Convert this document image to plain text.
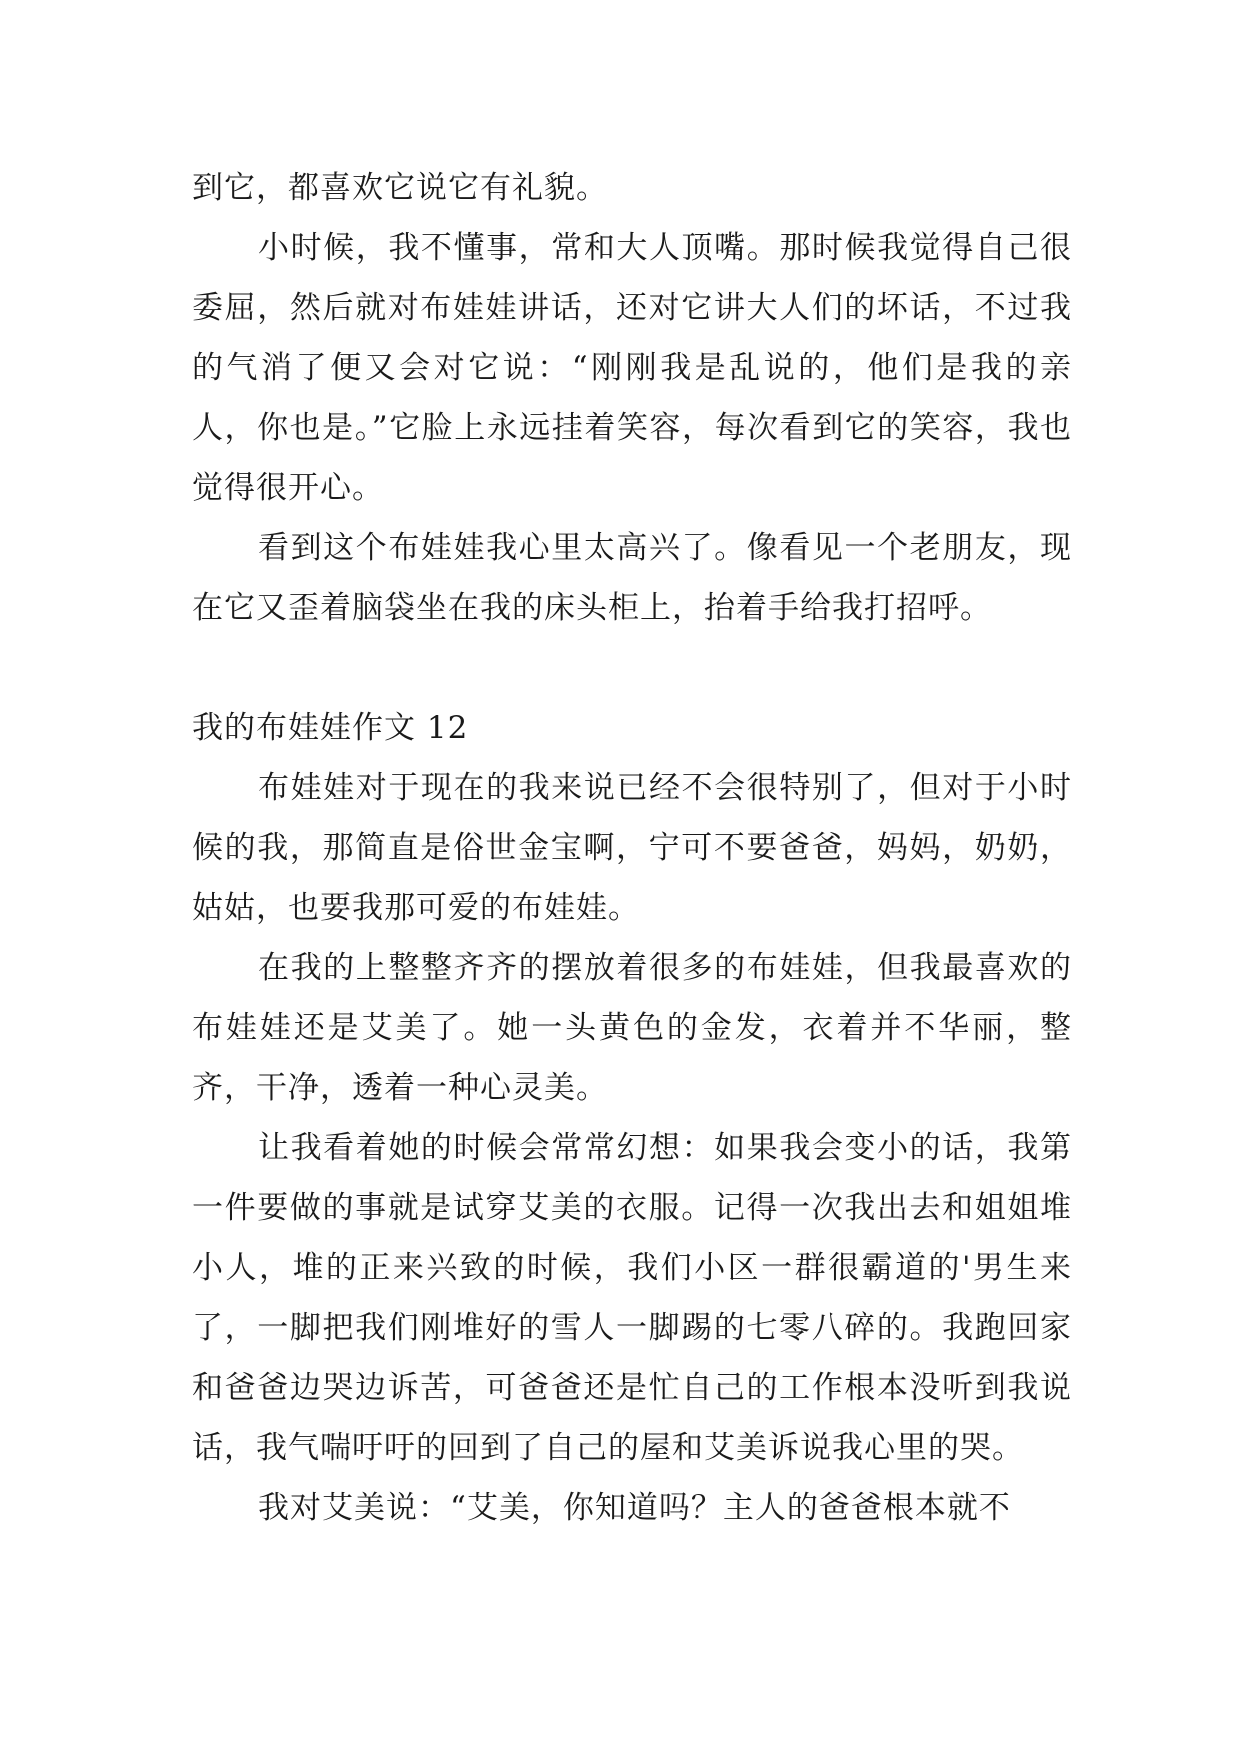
到它，都喜欢它说它有礼貌。

小时候，我不懂事，常和大人顶嘴。那时候我觉得自己很委屈，然后就对布娃娃讲话，还对它讲大人们的坏话，不过我的气消了便又会对它说：“刚刚我是乱说的，他们是我的亲人，你也是。”它脸上永远挂着笑容，每次看到它的笑容，我也觉得很开心。

看到这个布娃娃我心里太高兴了。像看见一个老朋友，现在它又歪着脑袋坐在我的床头柜上，抬着手给我打招呼。

我的布娃娃作文 12

布娃娃对于现在的我来说已经不会很特别了，但对于小时候的我，那简直是俗世金宝啊，宁可不要爸爸，妈妈，奶奶，姑姑，也要我那可爱的布娃娃。

在我的上整整齐齐的摆放着很多的布娃娃，但我最喜欢的布娃娃还是艾美了。她一头黄色的金发，衣着并不华丽，整齐，干净，透着一种心灵美。

让我看着她的时候会常常幻想：如果我会变小的话，我第一件要做的事就是试穿艾美的衣服。记得一次我出去和姐姐堆小人，堆的正来兴致的时候，我们小区一群很霸道的'男生来了，一脚把我们刚堆好的雪人一脚踢的七零八碎的。我跑回家和爸爸边哭边诉苦，可爸爸还是忙自己的工作根本没听到我说话，我气喘吁吁的回到了自己的屋和艾美诉说我心里的哭。

我对艾美说：“艾美，你知道吗？主人的爸爸根本就不
